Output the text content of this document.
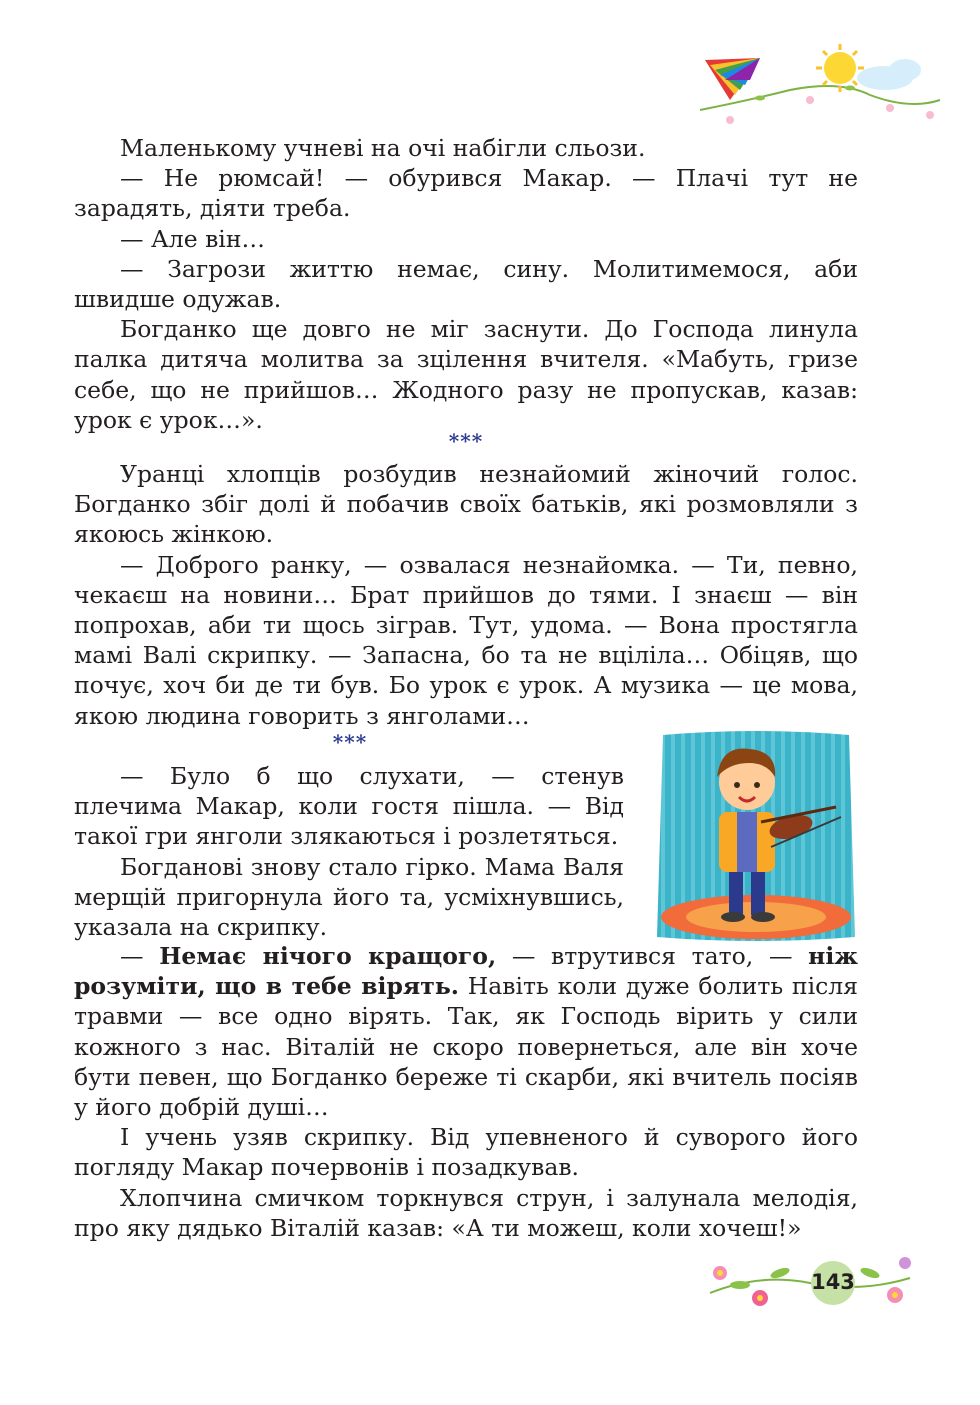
Маленькому учневі на очі набігли сльози.

— Не рюмсай! — обурився Макар. — Плачі тут не зарадять, діяти треба.

— Але він…

— Загрози життю немає, сину. Молитимемося, аби швидше одужав.

Богданко ще довго не міг заснути. До Господа линула палка дитяча молитва за зцілення вчителя. «Мабуть, гризе себе, що не прийшов… Жодного разу не пропускав, казав: урок є урок…».

***

Уранці хлопців розбудив незнайомий жіночий голос. Богданко збіг долі й побачив своїх батьків, які розмовляли з якоюсь жінкою.

— Доброго ранку, — озвалася незнайомка. — Ти, певно, чекаєш на новини… Брат прийшов до тями. І знаєш — він попрохав, аби ти щось зіграв. Тут, удома. — Вона простягла мамі Валі скрипку. — Запасна, бо та не вціліла… Обіцяв, що почує, хоч би де ти був. Бо урок є урок. А музика — це мова, якою людина говорить з янголами…

***

— Було б що слухати, — стенув плечима Макар, коли гостя пішла. — Від такої гри янголи злякаються і розлетяться.

Богданові знову стало гірко. Мама Валя мерщій пригорнула його та, усміхнувшись, указала на скрипку.

— Немає нічого кращого, — втрутився тато, — ніж розуміти, що в тебе вірять. Навіть коли дуже болить після травми — все одно вірять. Так, як Господь вірить у сили кожного з нас. Віталій не скоро повернеться, але він хоче бути певен, що Богданко береже ті скарби, які вчитель посіяв у його добрій душі…

І учень узяв скрипку. Від упевненого й суворого його погляду Макар почервонів і позадкував.

Хлопчина смичком торкнувся струн, і залунала мелодія, про яку дядько Віталій казав: «А ти можеш, коли хочеш!»

143
